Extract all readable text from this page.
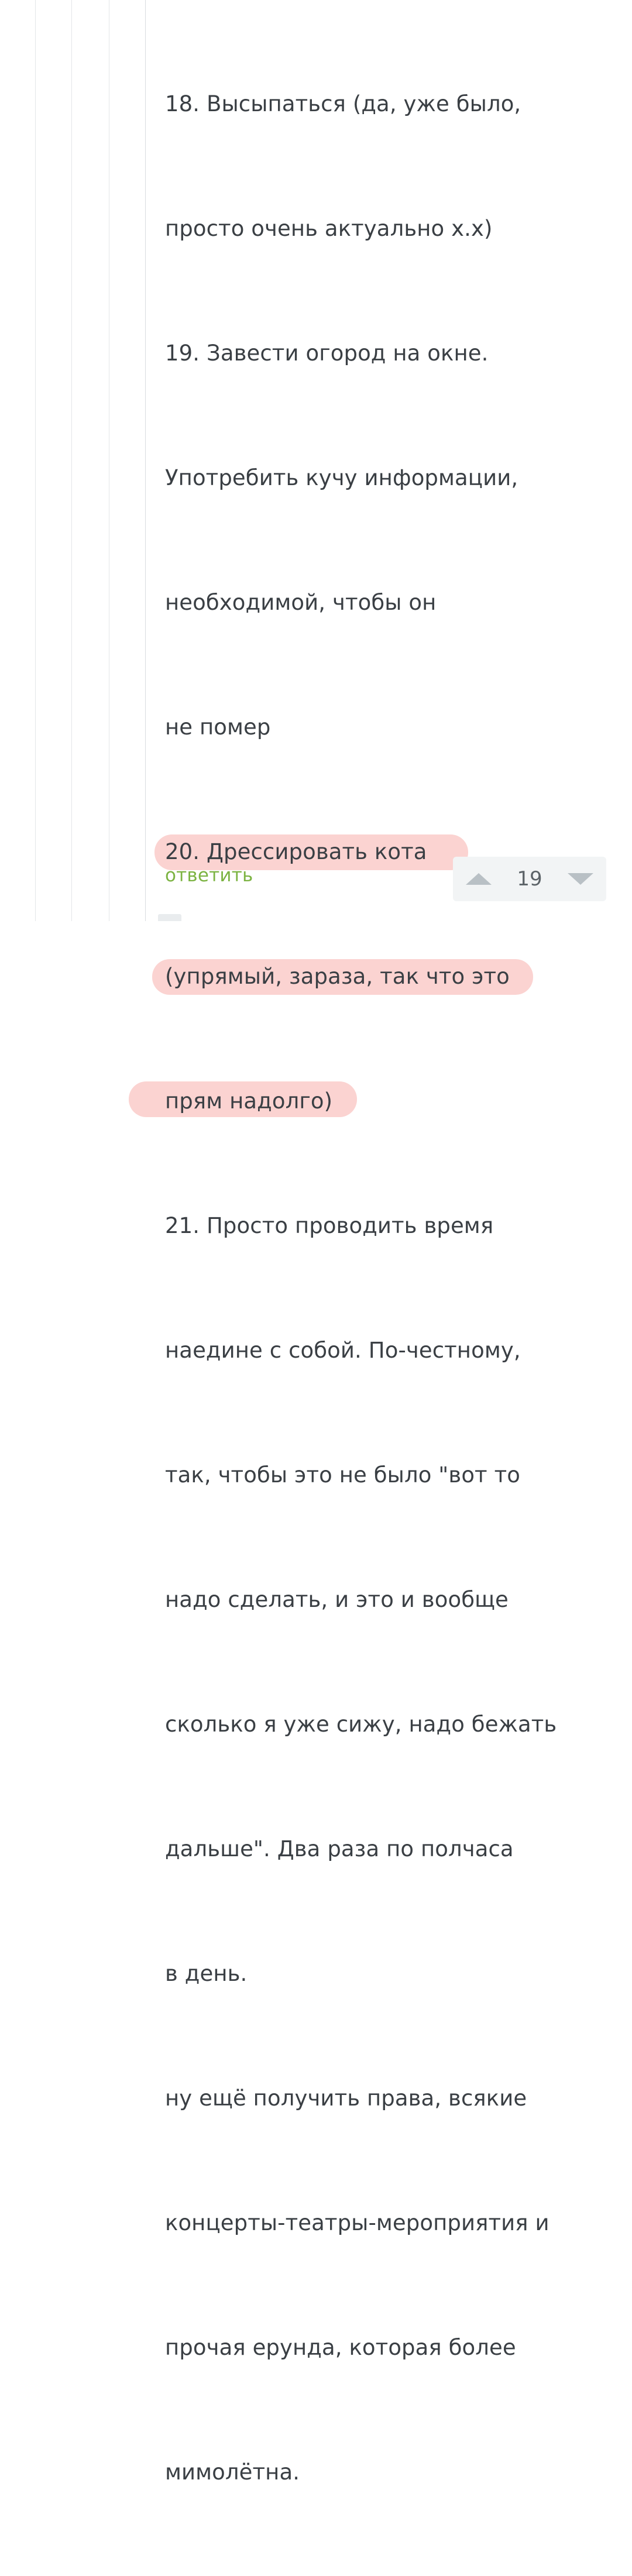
18. Высыпаться (да, уже было,

просто очень актуально х.х)

19. Завести огород на окне.

Употребить кучу информации,

необходимой, чтобы он

не помер

20. Дрессировать кота

(упрямый, зараза, так что это

прям надолго)

21. Просто проводить время

наедине с собой. По-честному,

так, чтобы это не было "вот то

надо сделать, и это и вообще

сколько я уже сижу, надо бежать

дальше". Два раза по полчаса

в день.

ну ещё получить права, всякие

концерты-театры-мероприятия и

прочая ерунда, которая более

мимолётна.

ответить	19
